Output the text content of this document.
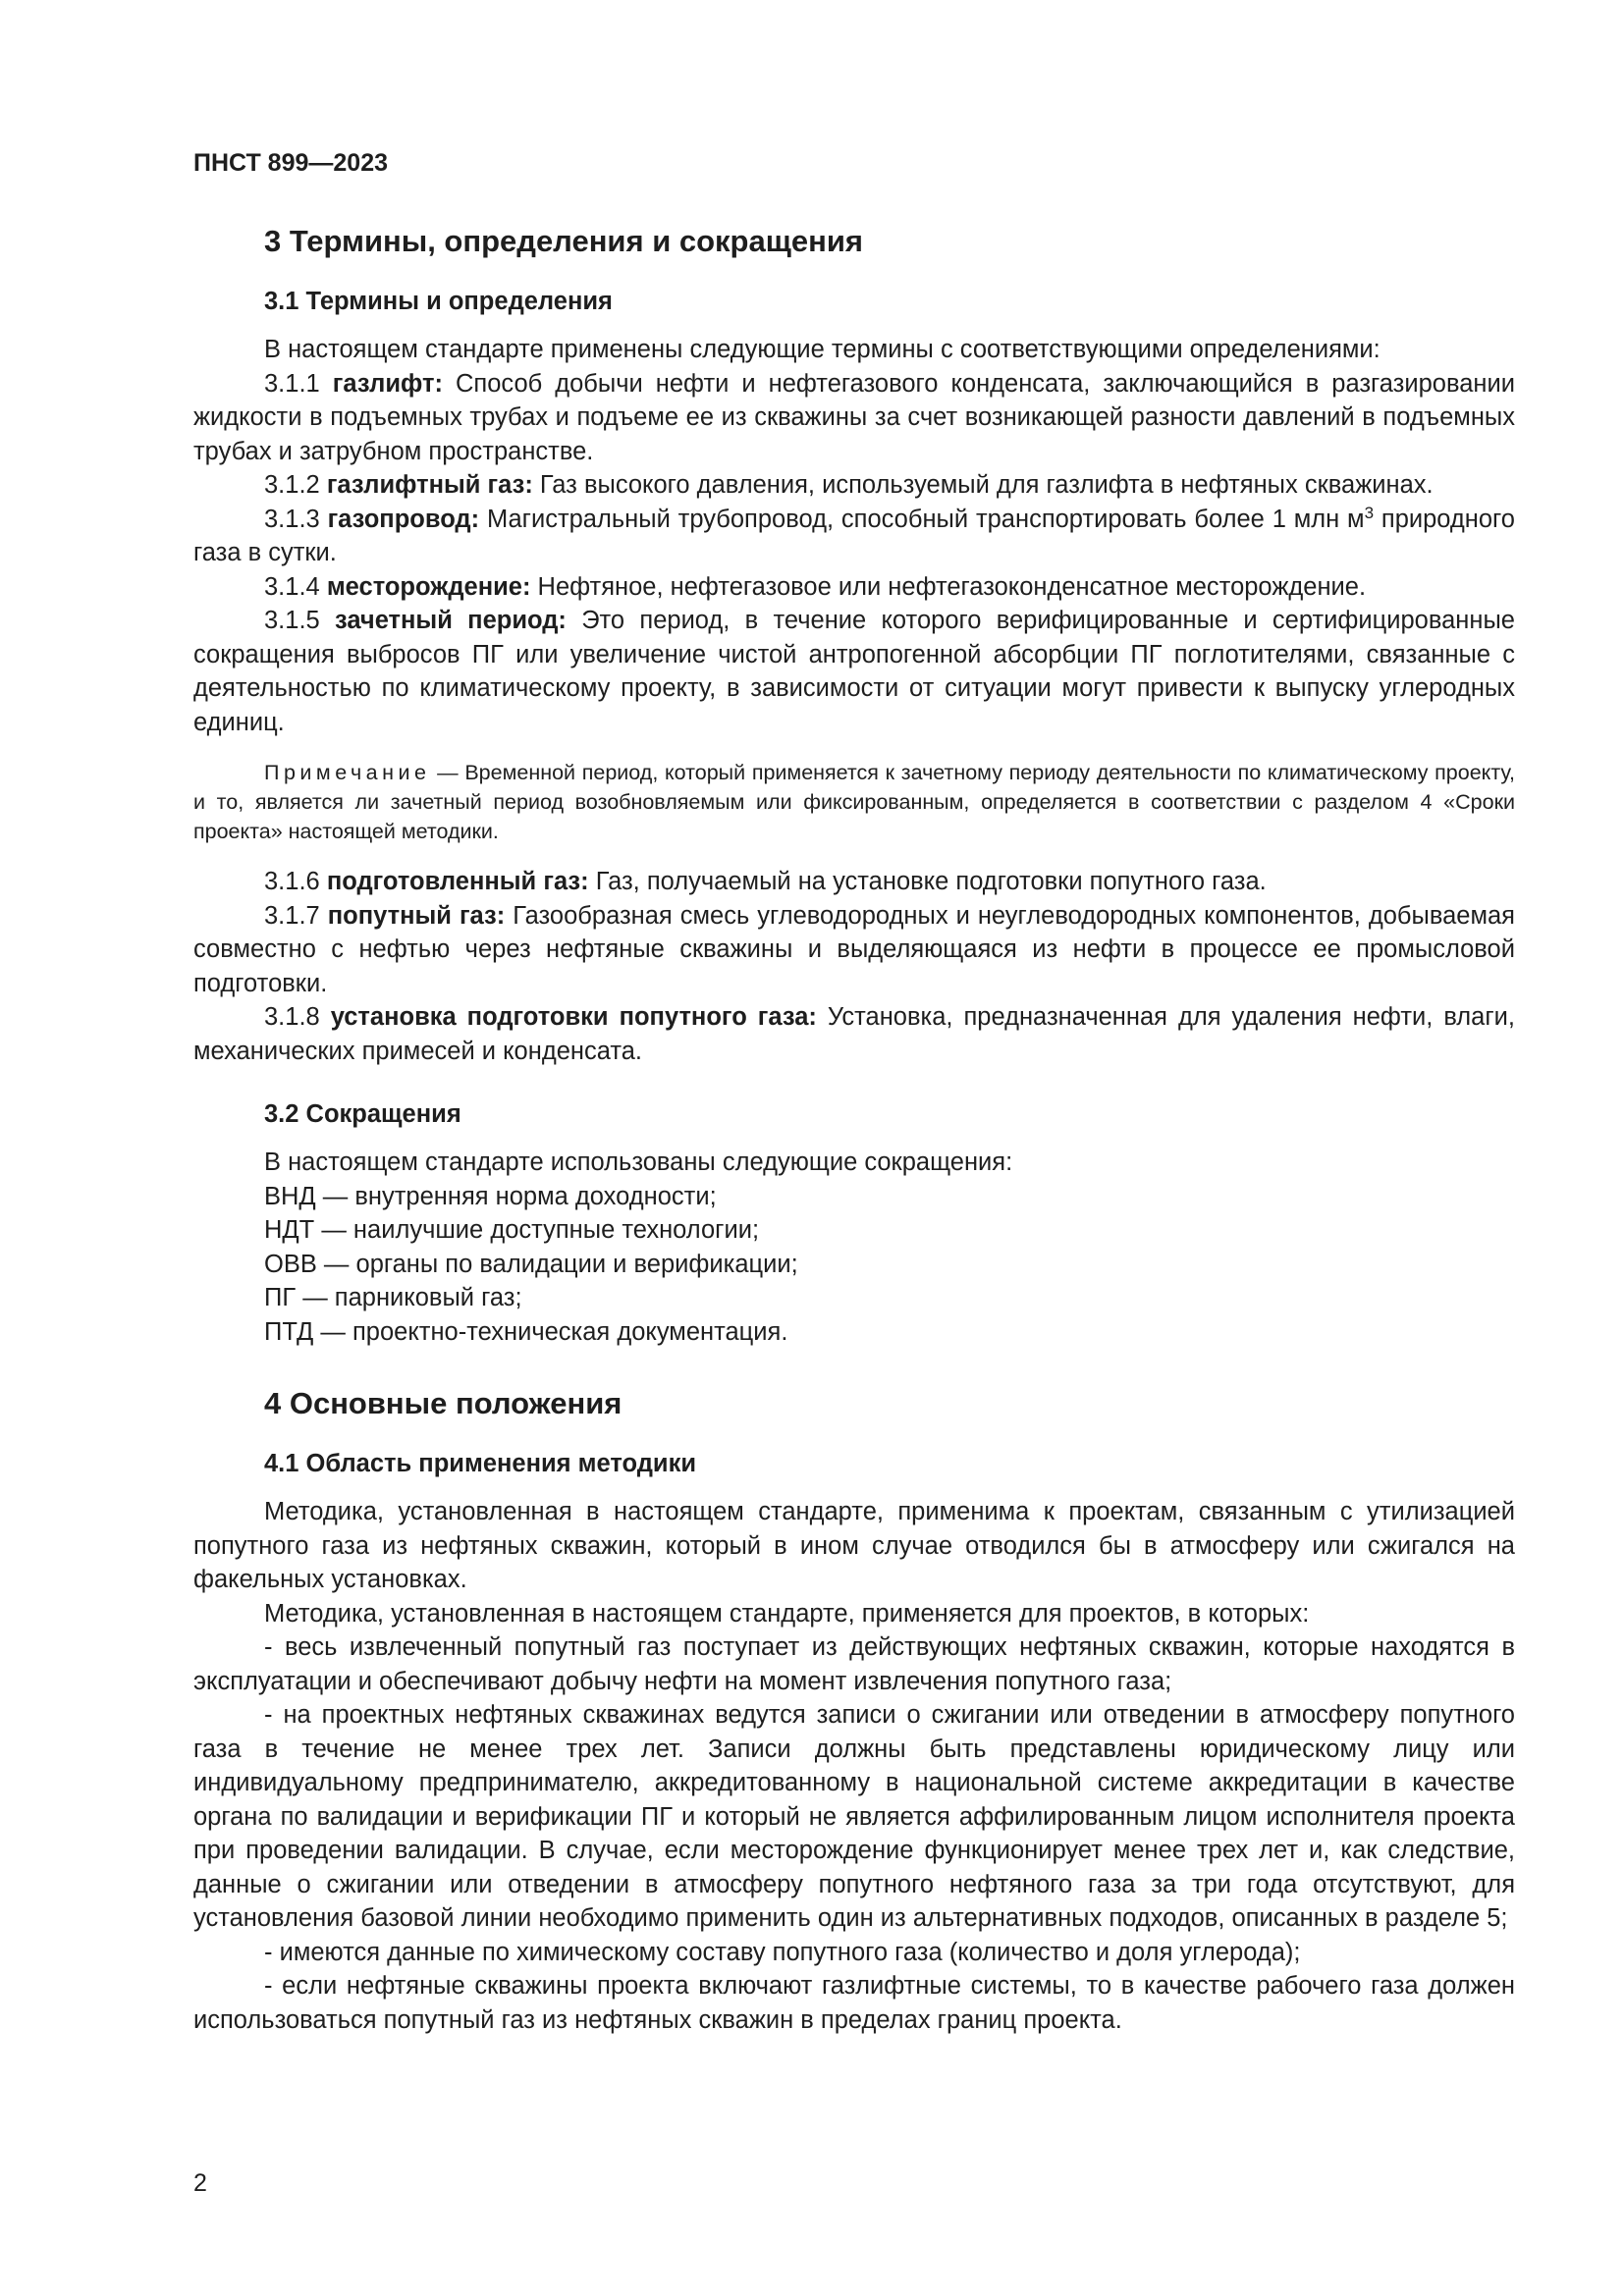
ПНСТ 899—2023
3 Термины, определения и сокращения
3.1 Термины и определения
В настоящем стандарте применены следующие термины с соответствующими определениями:
3.1.1 газлифт: Способ добычи нефти и нефтегазового конденсата, заключающийся в разгазировании жидкости в подъемных трубах и подъеме ее из скважины за счет возникающей разности давлений в подъемных трубах и затрубном пространстве.
3.1.2 газлифтный газ: Газ высокого давления, используемый для газлифта в нефтяных скважинах.
3.1.3 газопровод: Магистральный трубопровод, способный транспортировать более 1 млн $м^3$ природного газа в сутки.
3.1.4 месторождение: Нефтяное, нефтегазовое или нефтегазоконденсатное месторождение.
3.1.5 зачетный период: Это период, в течение которого верифицированные и сертифицированные сокращения выбросов ПГ или увеличение чистой антропогенной абсорбции ПГ поглотителями, связанные с деятельностью по климатическому проекту, в зависимости от ситуации могут привести к выпуску углеродных единиц.
Примечание — Временной период, который применяется к зачетному периоду деятельности по климатическому проекту, и то, является ли зачетный период возобновляемым или фиксированным, определяется в соответствии с разделом 4 «Сроки проекта» настоящей методики.
3.1.6 подготовленный газ: Газ, получаемый на установке подготовки попутного газа.
3.1.7 попутный газ: Газообразная смесь углеводородных и неуглеводородных компонентов, добываемая совместно с нефтью через нефтяные скважины и выделяющаяся из нефти в процессе ее промысловой подготовки.
3.1.8 установка подготовки попутного газа: Установка, предназначенная для удаления нефти, влаги, механических примесей и конденсата.
3.2 Сокращения
В настоящем стандарте использованы следующие сокращения:
ВНД — внутренняя норма доходности;
НДТ — наилучшие доступные технологии;
ОВВ — органы по валидации и верификации;
ПГ — парниковый газ;
ПТД — проектно-техническая документация.
4 Основные положения
4.1 Область применения методики
Методика, установленная в настоящем стандарте, применима к проектам, связанным с утилизацией попутного газа из нефтяных скважин, который в ином случае отводился бы в атмосферу или сжигался на факельных установках.
Методика, установленная в настоящем стандарте, применяется для проектов, в которых:
- весь извлеченный попутный газ поступает из действующих нефтяных скважин, которые находятся в эксплуатации и обеспечивают добычу нефти на момент извлечения попутного газа;
- на проектных нефтяных скважинах ведутся записи о сжигании или отведении в атмосферу попутного газа в течение не менее трех лет. Записи должны быть представлены юридическому лицу или индивидуальному предпринимателю, аккредитованному в национальной системе аккредитации в качестве органа по валидации и верификации ПГ и который не является аффилированным лицом исполнителя проекта при проведении валидации. В случае, если месторождение функционирует менее трех лет и, как следствие, данные о сжигании или отведении в атмосферу попутного нефтяного газа за три года отсутствуют, для установления базовой линии необходимо применить один из альтернативных подходов, описанных в разделе 5;
- имеются данные по химическому составу попутного газа (количество и доля углерода);
- если нефтяные скважины проекта включают газлифтные системы, то в качестве рабочего газа должен использоваться попутный газ из нефтяных скважин в пределах границ проекта.
2
